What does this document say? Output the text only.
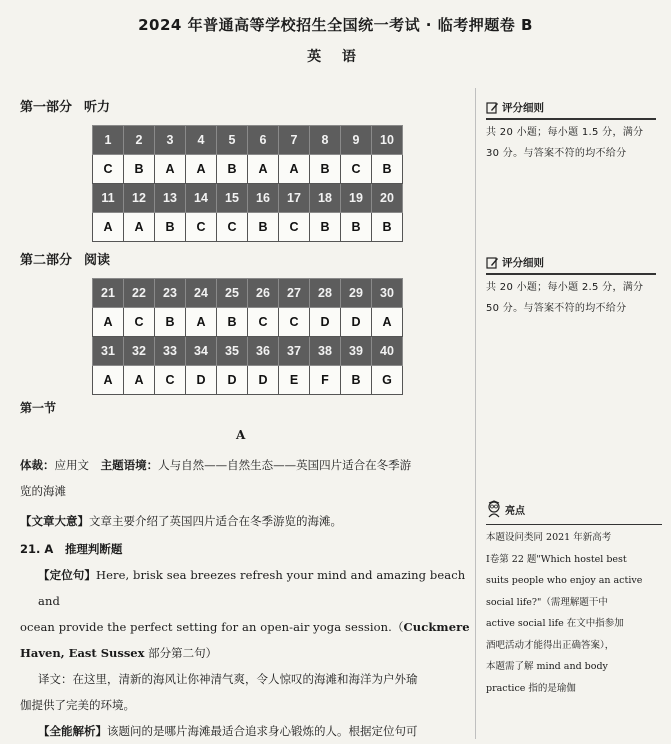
2024 年普通高等学校招生全国统一考试 · 临考押题卷 B
英 语
第一部分 听力
1	2	3	4	5	6	7	8	9	10
C	B	A	A	B	A	A	B	C	B
11	12	13	14	15	16	17	18	19	20
A	A	B	C	C	B	C	B	B	B
第二部分 阅读
21	22	23	24	25	26	27	28	29	30
A	C	B	A	B	C	C	D	D	A
31	32	33	34	35	36	37	38	39	40
A	A	C	D	D	D	E	F	B	G
评分细则
共 20 小题；每小题 1.5 分，满分
30 分。与答案不符的均不给分
评分细则
共 20 小题；每小题 2.5 分，满分
50 分。与答案不符的均不给分
亮点
本题设问类同 2021 年新高考
Ⅰ卷第 22 题"Which hostel best
suits people who enjoy an active
social life?"（需理解题干中
active social life 在文中指参加
酒吧活动才能得出正确答案），
本题需了解 mind and body
practice 指的是瑜伽
第一节
A
体裁：应用文 主题语境：人与自然——自然生态——英国四片适合在冬季游
览的海滩
【文章大意】文章主要介绍了英国四片适合在冬季游览的海滩。
21. A 推理判断题
【定位句】Here, brisk sea breezes refresh your mind and amazing beach and
ocean provide the perfect setting for an open-air yoga session.（Cuckmere
Haven, East Sussex 部分第二句）
译文：在这里，清新的海风让你神清气爽，令人惊叹的海滩和海洋为户外瑜
伽提供了完美的环境。
【全能解析】该题问的是哪片海滩最适合追求身心锻炼的人。根据定位句可
